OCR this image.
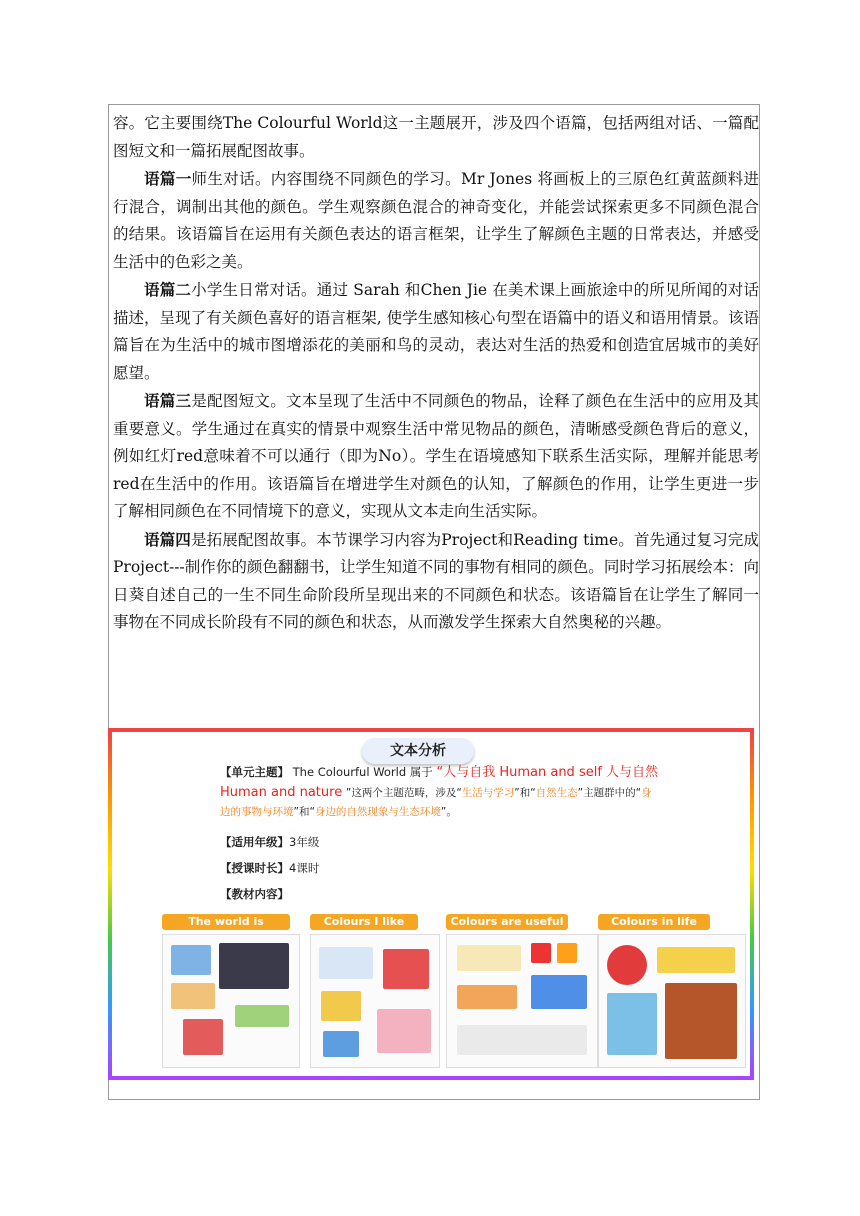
容。它主要围绕The Colourful World这一主题展开，涉及四个语篇，包括两组对话、一篇配图短文和一篇拓展配图故事。

语篇一师生对话。内容围绕不同颜色的学习。Mr Jones 将画板上的三原色红黄蓝颜料进行混合，调制出其他的颜色。学生观察颜色混合的神奇变化，并能尝试探索更多不同颜色混合的结果。该语篇旨在运用有关颜色表达的语言框架，让学生了解颜色主题的日常表达，并感受生活中的色彩之美。

语篇二小学生日常对话。通过 Sarah 和Chen Jie 在美术课上画旅途中的所见所闻的对话描述，呈现了有关颜色喜好的语言框架, 使学生感知核心句型在语篇中的语义和语用情景。该语篇旨在为生活中的城市图增添花的美丽和鸟的灵动，表达对生活的热爱和创造宜居城市的美好愿望。

语篇三是配图短文。文本呈现了生活中不同颜色的物品，诠释了颜色在生活中的应用及其重要意义。学生通过在真实的情景中观察生活中常见物品的颜色，清晰感受颜色背后的意义，例如红灯red意味着不可以通行（即为No）。学生在语境感知下联系生活实际，理解并能思考red在生活中的作用。该语篇旨在增进学生对颜色的认知，了解颜色的作用，让学生更进一步了解相同颜色在不同情境下的意义，实现从文本走向生活实际。

语篇四是拓展配图故事。本节课学习内容为Project和Reading time。首先通过复习完成Project---制作你的颜色翻翻书，让学生知道不同的事物有相同的颜色。同时学习拓展绘本：向日葵自述自己的一生不同生命阶段所呈现出来的不同颜色和状态。该语篇旨在让学生了解同一事物在不同成长阶段有不同的颜色和状态，从而激发学生探索大自然奥秘的兴趣。

文本分析
【单元主题】 The Colourful World 属于 “人与自我 Human and self 人与自然
Human and nature ”这两个主题范畴，涉及“生活与学习”和“自然生态”主题群中的“身
边的事物与环境”和“身边的自然现象与生态环境”。
【适用年级】3年级
【授课时长】4课时
【教材内容】
The world is	Colours I like	Colours are useful	Colours in life
